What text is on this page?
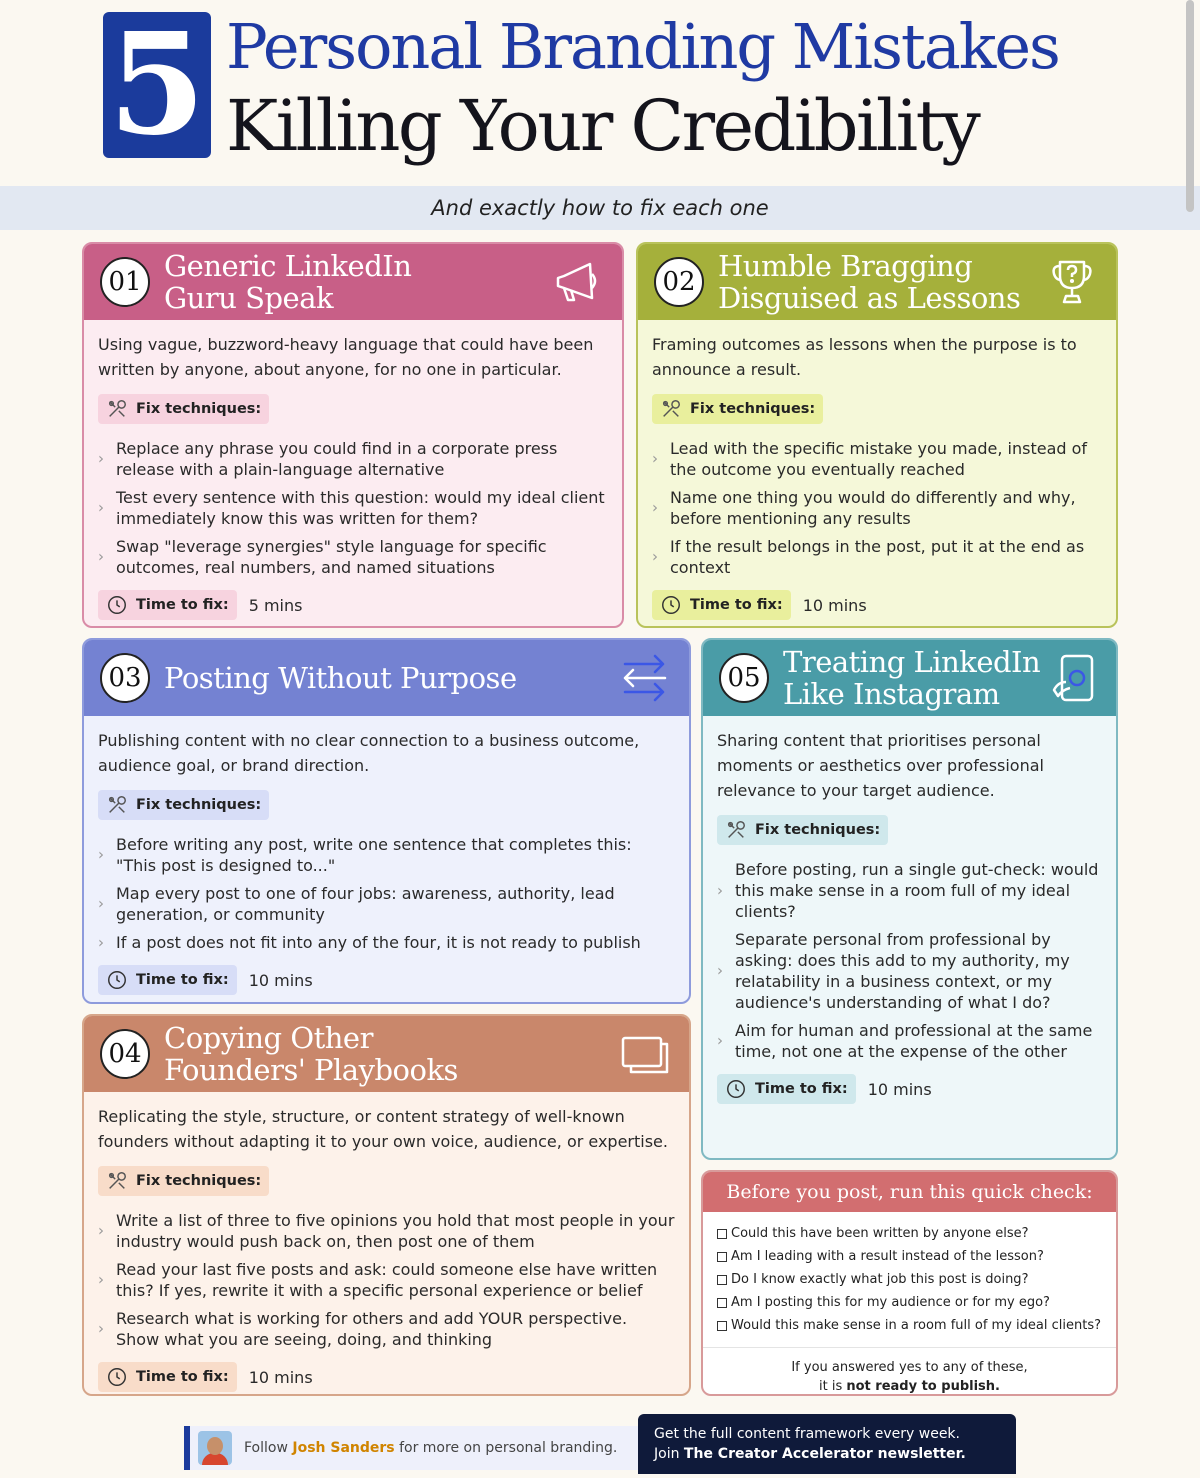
5 Personal Branding Mistakes
Killing Your Credibility
And exactly how to fix each one
01 Generic LinkedIn
Guru Speak
Using vague, buzzword-heavy language that could have been written by anyone, about anyone, for no one in particular.
Fix techniques:
›
Replace any phrase you could find in a corporate press release with a plain-language alternative
›
Test every sentence with this question: would my ideal client immediately know this was written for them?
›
Swap "leverage synergies" style language for specific outcomes, real numbers, and named situations
Time to fix: 5 mins
02 Humble Bragging
Disguised as Lessons
Framing outcomes as lessons when the purpose is to announce a result.
Fix techniques:
›
Lead with the specific mistake you made, instead of the outcome you eventually reached
›
Name one thing you would do differently and why, before mentioning any results
›
If the result belongs in the post, put it at the end as context
Time to fix: 10 mins
03 Posting Without Purpose
Publishing content with no clear connection to a business outcome, audience goal, or brand direction.
Fix techniques:
›
Before writing any post, write one sentence that completes this: "This post is designed to..."
›
Map every post to one of four jobs: awareness, authority, lead generation, or community
› If a post does not fit into any of the four, it is not ready to publish
Time to fix: 10 mins
04 Copying Other
Founders' Playbooks
Replicating the style, structure, or content strategy of well-known founders without adapting it to your own voice, audience, or expertise.
Fix techniques:
›
Write a list of three to five opinions you hold that most people in your industry would push back on, then post one of them
›
Read your last five posts and ask: could someone else have written this? If yes, rewrite it with a specific personal experience or belief
›
Research what is working for others and add YOUR perspective. Show what you are seeing, doing, and thinking
Time to fix: 10 mins
05 Treating LinkedIn
Like Instagram
Sharing content that prioritises personal moments or aesthetics over professional relevance to your target audience.
Fix techniques:
›
Before posting, run a single gut-check: would this make sense in a room full of my ideal clients?
›
Separate personal from professional by asking: does this add to my authority, my relatability in a business context, or my audience's understanding of what I do?
›
Aim for human and professional at the same time, not one at the expense of the other
Time to fix: 10 mins
Before you post, run this quick check:
Could this have been written by anyone else?
Am I leading with a result instead of the lesson?
Do I know exactly what job this post is doing?
Am I posting this for my audience or for my ego?
Would this make sense in a room full of my ideal clients?
If you answered yes to any of these,
it is not ready to publish.
Follow Josh Sanders for more on personal branding.
Get the full content framework every week.
Join The Creator Accelerator newsletter.
